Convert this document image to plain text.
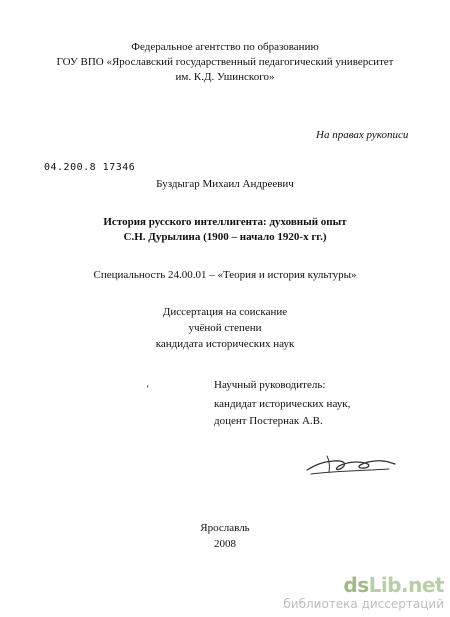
Федеральное агентство по образованию
ГОУ ВПО «Ярославский государственный педагогический университет
им. К.Д. Ушинского»
На правах рукописи
04.200.8 17346
Буздыгар Михаил Андреевич
История русского интеллигента: духовный опыт
С.Н. Дурылина (1900 – начало 1920-х гг.)
Специальность 24.00.01 – «Теория и история культуры»
Диссертация на соискание
учёной степени
кандидата исторических наук
‘	Научный руководитель:
кандидат исторических наук,
доцент Постернак А.В.
Ярославль
2008
dsLib.net
библиотека диссертаций
